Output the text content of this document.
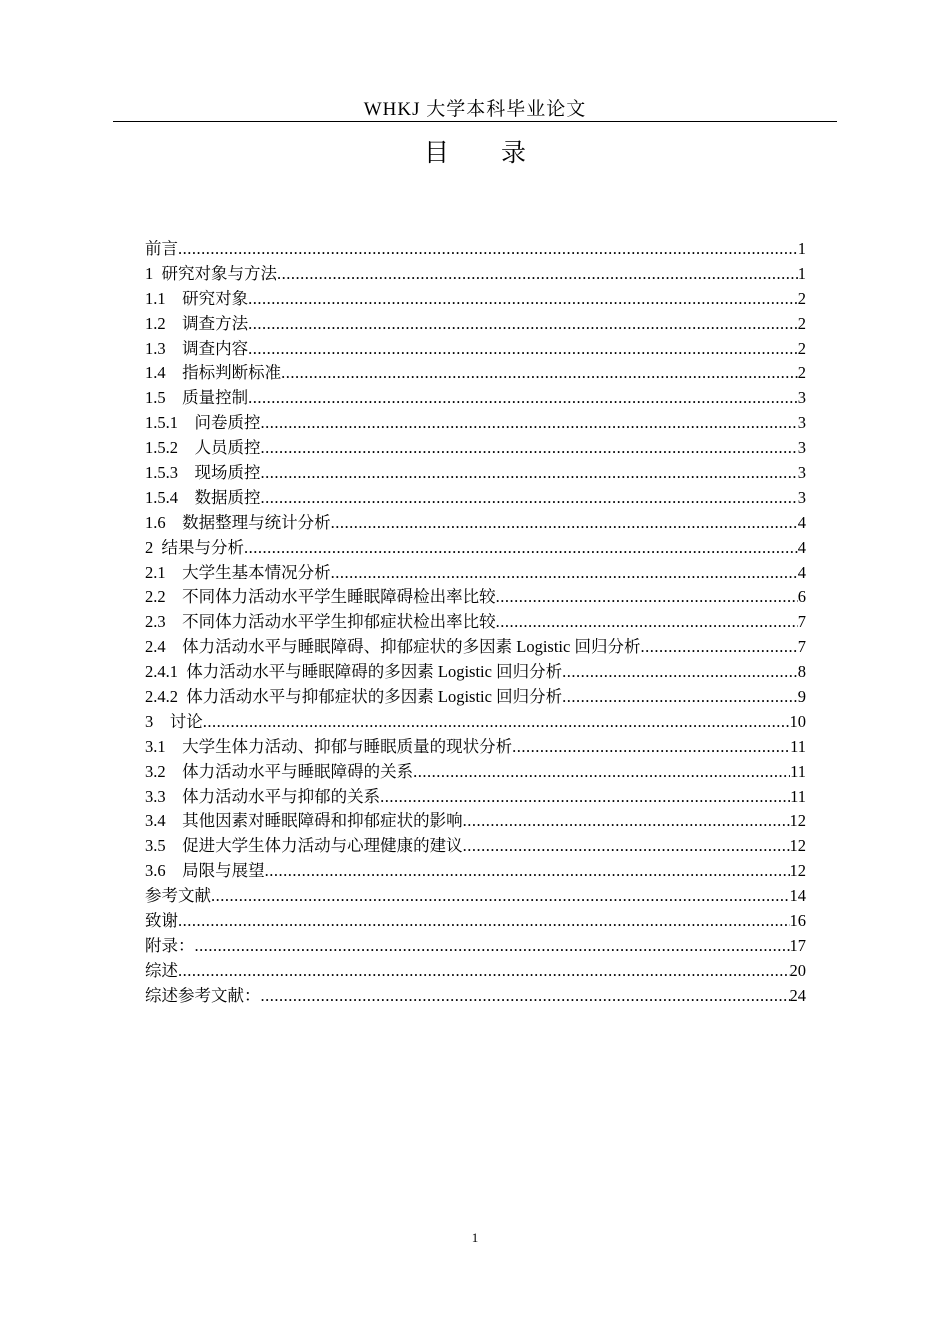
WHKJ 大学本科毕业论文
目 录
前言 .....	1
1  研究对象与方法 .....	1
1.1    研究对象 .....	2
1.2    调查方法 .....	2
1.3    调查内容 .....	2
1.4    指标判断标准 .....	2
1.5    质量控制 .....	3
1.5.1    问卷质控 .....	3
1.5.2    人员质控 .....	3
1.5.3    现场质控 .....	3
1.5.4    数据质控 .....	3
1.6    数据整理与统计分析 .....	4
2  结果与分析 .....	4
2.1    大学生基本情况分析 .....	4
2.2    不同体力活动水平学生睡眠障碍检出率比较 .....	6
2.3    不同体力活动水平学生抑郁症状检出率比较 .....	7
2.4    体力活动水平与睡眠障碍、抑郁症状的多因素 Logistic 回归分析 .....	7
2.4.1  体力活动水平与睡眠障碍的多因素 Logistic 回归分析 .....	8
2.4.2  体力活动水平与抑郁症状的多因素 Logistic 回归分析 .....	9
3    讨论 .....	10
3.1    大学生体力活动、抑郁与睡眠质量的现状分析 .....	11
3.2    体力活动水平与睡眠障碍的关系 .....	11
3.3    体力活动水平与抑郁的关系 .....	11
3.4    其他因素对睡眠障碍和抑郁症状的影响 .....	12
3.5    促进大学生体力活动与心理健康的建议 .....	12
3.6    局限与展望 .....	12
参考文献 .....	14
致谢 .....	16
附录： .....	17
综述 .....	20
综述参考文献： .....	24
1
